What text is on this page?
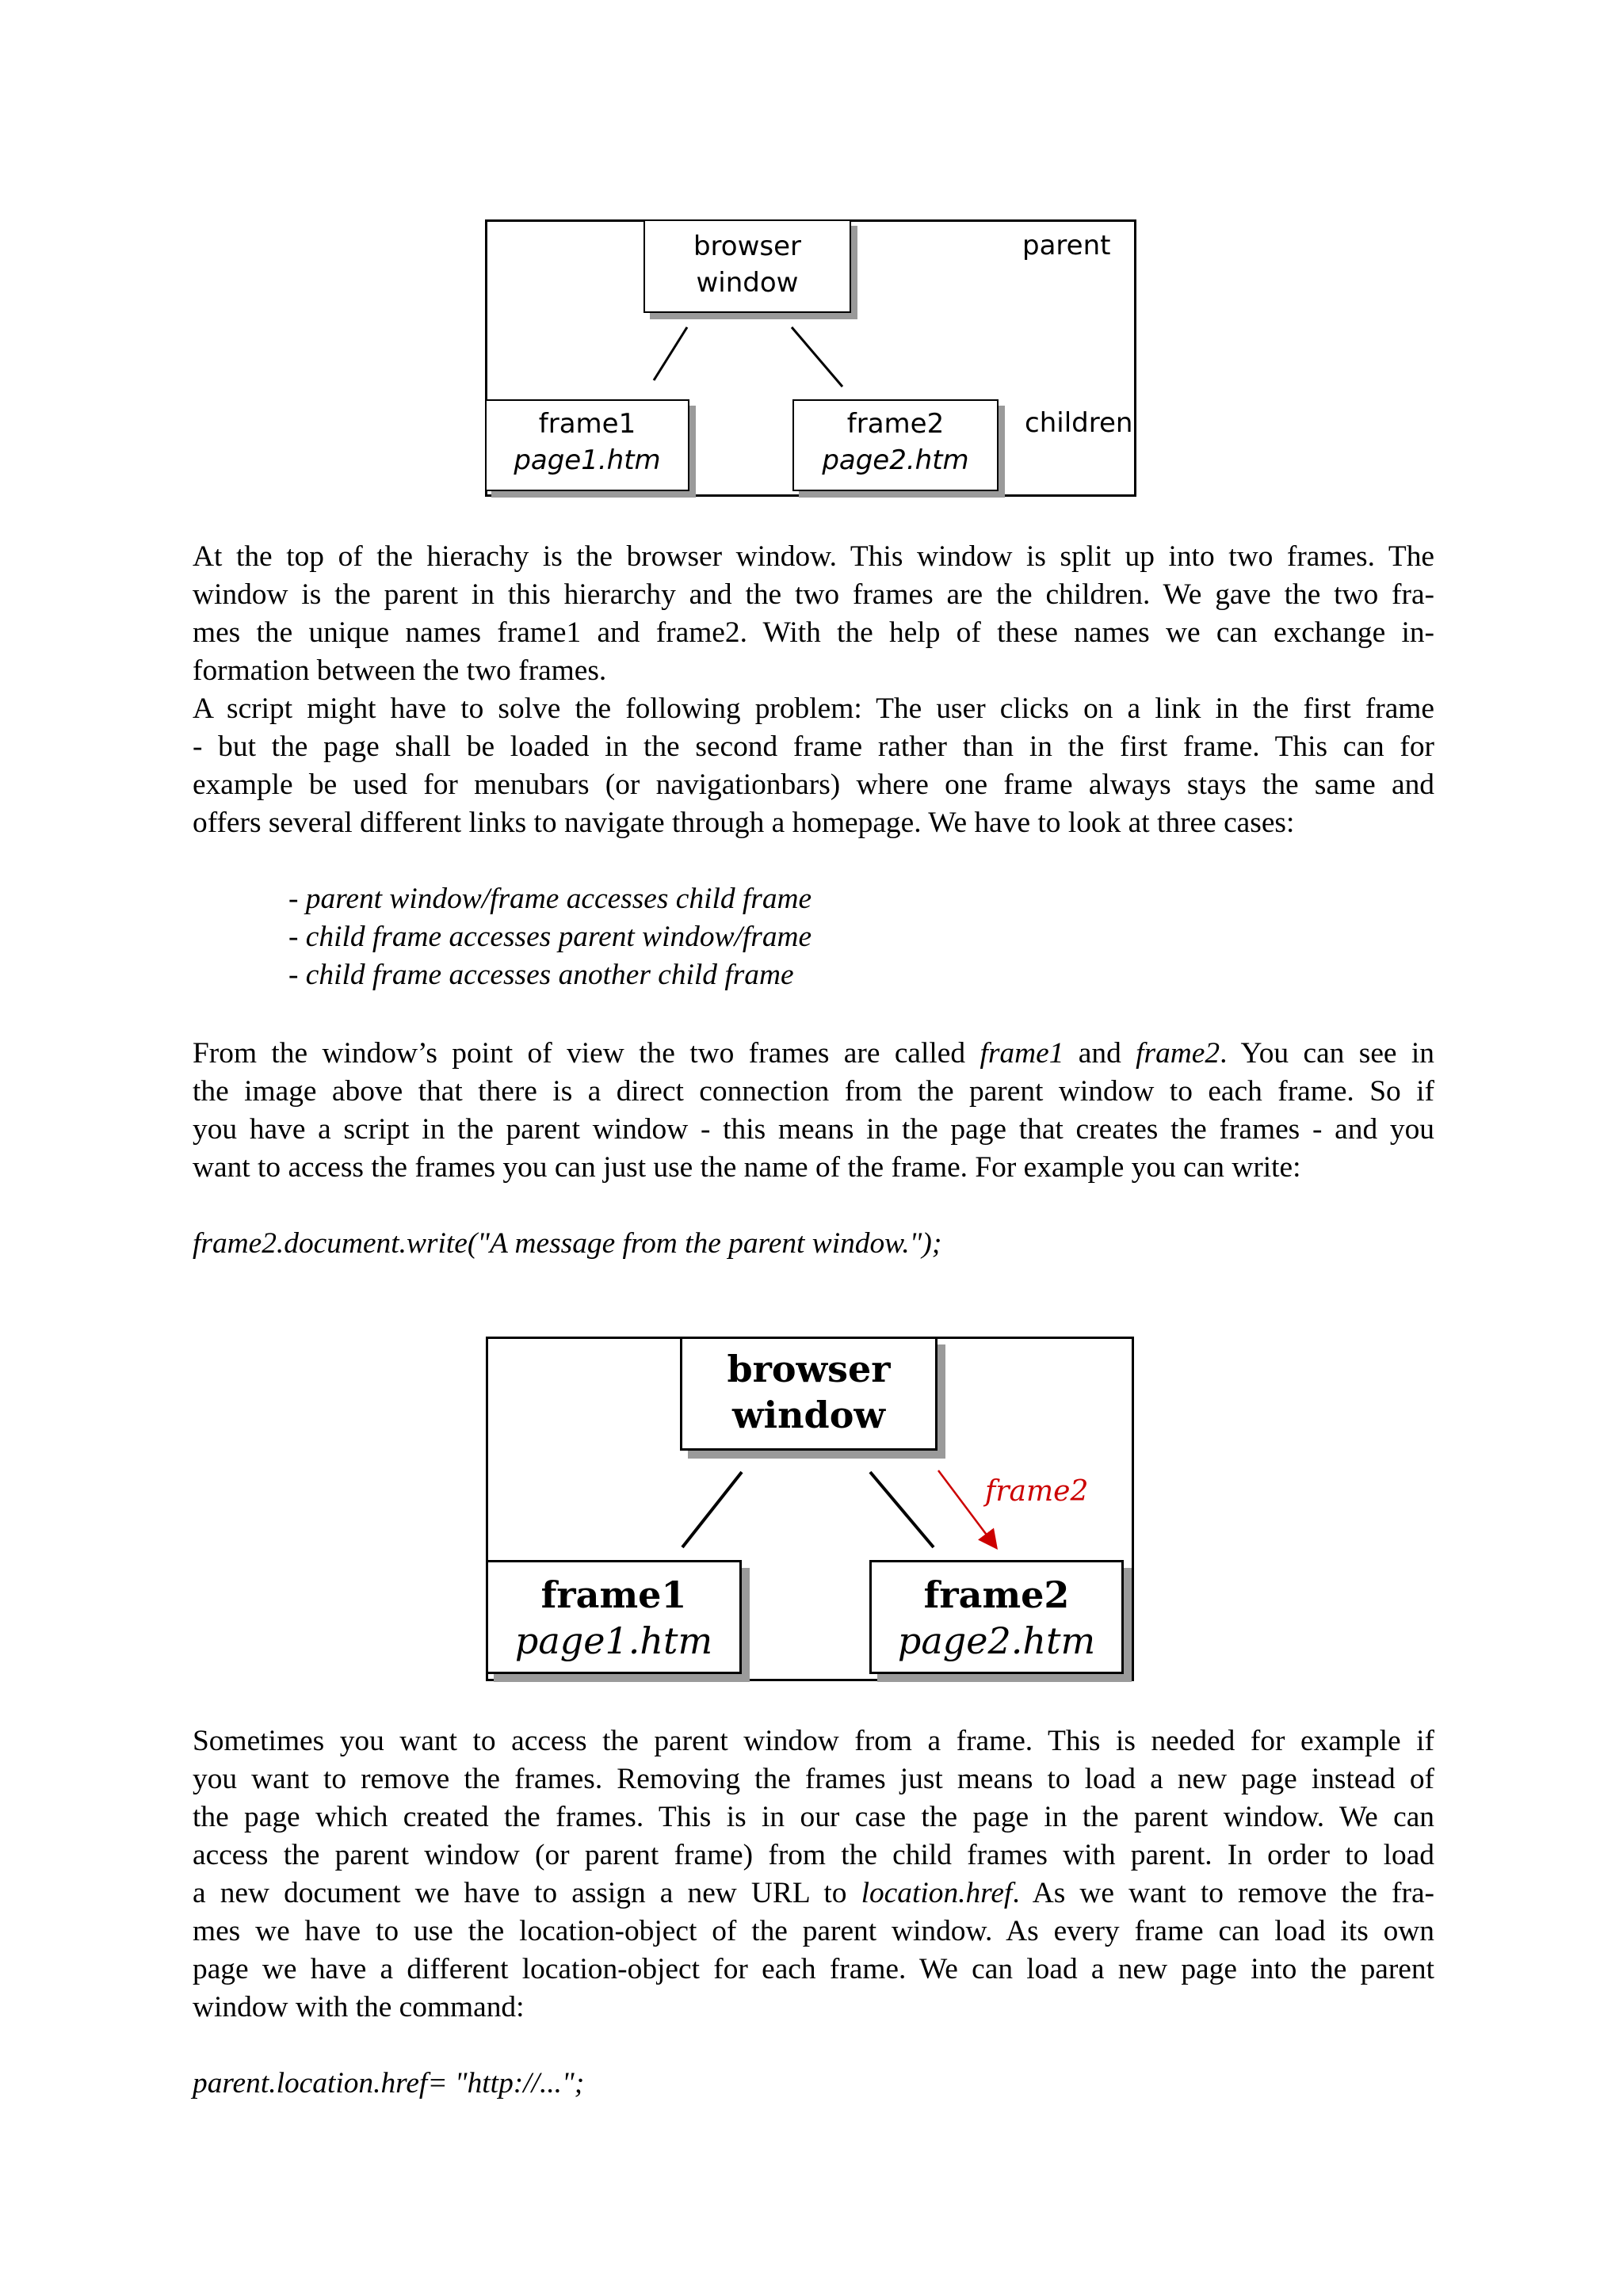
browser
window
parent
frame1
page1.htm
frame2
page2.htm
children
At the top of the hierachy is the browser window. This window is split up into two frames. The
window is the parent in this hierarchy and the two frames are the children. We gave the two fra-
mes the unique names frame1 and frame2. With the help of these names we can exchange in-
formation between the two frames.
A script might have to solve the following problem: The user clicks on a link in the first frame
- but the page shall be loaded in the second frame rather than in the first frame. This can for
example be used for menubars (or navigationbars) where one frame always stays the same and
offers several different links to navigate through a homepage. We have to look at three cases:
- parent window/frame accesses child frame
- child frame accesses parent window/frame
- child frame accesses another child frame
From the window’s point of view the two frames are called frame1 and frame2. You can see in
the image above that there is a direct connection from the parent window to each frame. So if
you have a script in the parent window - this means in the page that creates the frames - and you
want to access the frames you can just use the name of the frame. For example you can write:
frame2.document.write("A message from the parent window.");
browser
window
frame2
frame1
page1.htm
frame2
page2.htm
Sometimes you want to access the parent window from a frame. This is needed for example if
you want to remove the frames. Removing the frames just means to load a new page instead of
the page which created the frames. This is in our case the page in the parent window. We can
access the parent window (or parent frame) from the child frames with parent. In order to load
a new document we have to assign a new URL to location.href. As we want to remove the fra-
mes we have to use the location-object of the parent window. As every frame can load its own
page we have a different location-object for each frame. We can load a new page into the parent
window with the command:
parent.location.href= "http://...";
